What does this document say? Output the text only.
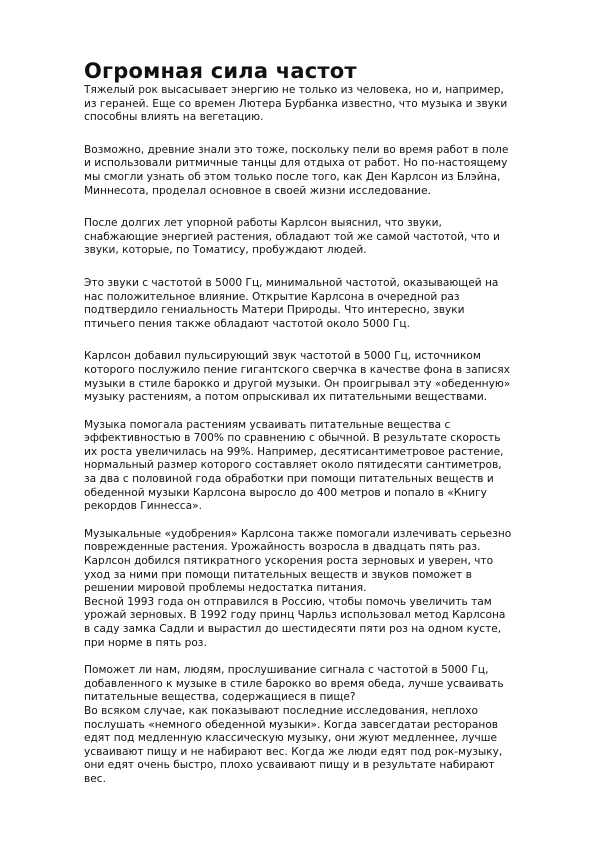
Огромная сила частот

Тяжелый рок высасывает энергию не только из человека, но и, например,
из гераней. Еще со времен Лютера Бурбанка известно, что музыка и звуки
способны влиять на вегетацию.

Возможно, древние знали это тоже, поскольку пели во время работ в поле
и использовали ритмичные танцы для отдыха от работ. Но по-настоящему
мы смогли узнать об этом только после того, как Ден Карлсон из Блэйна,
Миннесота, проделал основное в своей жизни исследование.

После долгих лет упорной работы Карлсон выяснил, что звуки,
снабжающие энергией растения, обладают той же самой частотой, что и
звуки, которые, по Томатису, пробуждают людей.

Это звуки с частотой в 5000 Гц, минимальной частотой, оказывающей на
нас положительное влияние. Открытие Карлсона в очередной раз
подтвердило гениальность Матери Природы. Что интересно, звуки
птичьего пения также обладают частотой около 5000 Гц.

Карлсон добавил пульсирующий звук частотой в 5000 Гц, источником
которого послужило пение гигантского сверчка в качестве фона в записях
музыки в стиле барокко и другой музыки. Он проигрывал эту «обеденную»
музыку растениям, а потом опрыскивал их питательными веществами.

Музыка помогала растениям усваивать питательные вещества с
эффективностью в 700% по сравнению с обычной. В результате скорость
их роста увеличилась на 99%. Например, десятисантиметровое растение,
нормальный размер которого составляет около пятидесяти сантиметров,
за два с половиной года обработки при помощи питательных веществ и
обеденной музыки Карлсона выросло до 400 метров и попало в «Книгу
рекордов Гиннесса».

Музыкальные «удобрения» Карлсона также помогали излечивать серьезно
поврежденные растения. Урожайность возросла в двадцать пять раз.
Карлсон добился пятикратного ускорения роста зерновых и уверен, что
уход за ними при помощи питательных веществ и звуков поможет в
решении мировой проблемы недостатка питания.

Весной 1993 года он отправился в Россию, чтобы помочь увеличить там
урожай зерновых. В 1992 году принц Чарльз использовал метод Карлсона
в саду замка Садли и вырастил до шестидесяти пяти роз на одном кусте,
при норме в пять роз.

Поможет ли нам, людям, прослушивание сигнала с частотой в 5000 Гц,
добавленного к музыке в стиле барокко во время обеда, лучше усваивать
питательные вещества, содержащиеся в пище?

Во всяком случае, как показывают последние исследования, неплохо
послушать «немного обеденной музыки». Когда завсегдатаи ресторанов
едят под медленную классическую музыку, они жуют медленнее, лучше
усваивают пищу и не набирают вес. Когда же люди едят под рок-музыку,
они едят очень быстро, плохо усваивают пищу и в результате набирают
вес.
